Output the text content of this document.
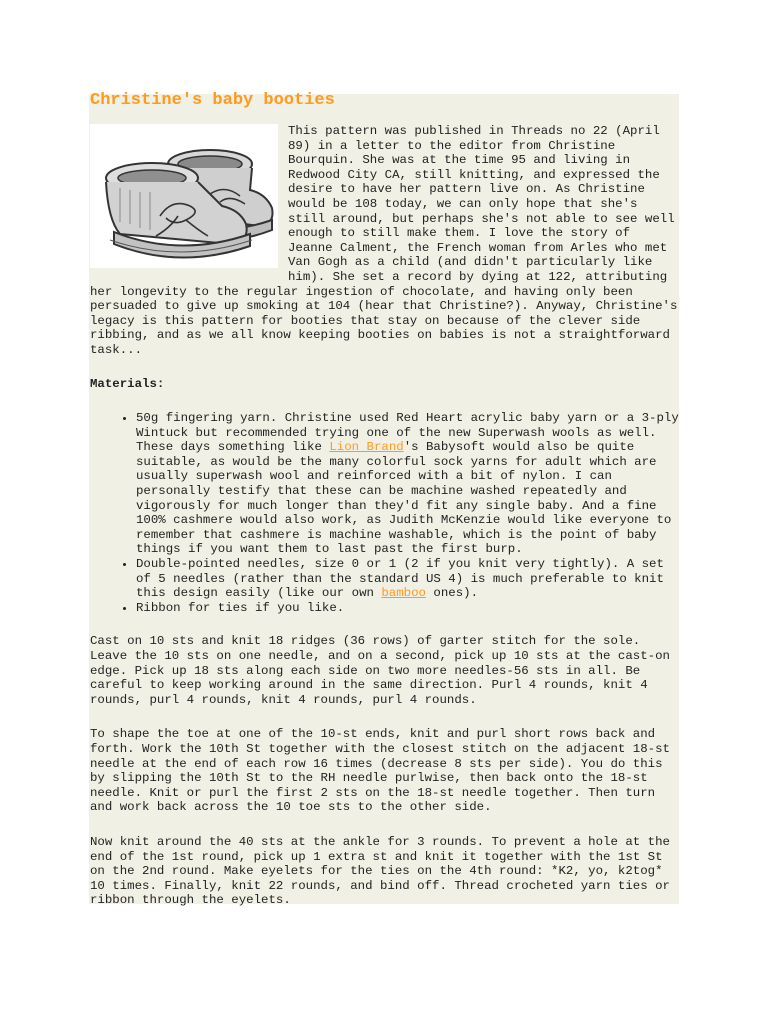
Christine's baby booties
This pattern was published in Threads no 22 (April 89) in a letter to the editor from Christine Bourquin. She was at the time 95 and living in Redwood City CA, still knitting, and expressed the desire to have her pattern live on. As Christine would be 108 today, we can only hope that she's still around, but perhaps she's not able to see well enough to still make them. I love the story of Jeanne Calment, the French woman from Arles who met Van Gogh as a child (and didn't particularly like him). She set a record by dying at 122, attributing her longevity to the regular ingestion of chocolate, and having only been persuaded to give up smoking at 104 (hear that Christine?). Anyway, Christine's legacy is this pattern for booties that stay on because of the clever side ribbing, and as we all know keeping booties on babies is not a straightforward task...
Materials:
• 50g fingering yarn. Christine used Red Heart acrylic baby yarn or a 3-ply Wintuck but recommended trying one of the new Superwash wools as well. These days something like Lion Brand's Babysoft would also be quite suitable, as would be the many colorful sock yarns for adult which are usually superwash wool and reinforced with a bit of nylon. I can personally testify that these can be machine washed repeatedly and vigorously for much longer than they'd fit any single baby. And a fine 100% cashmere would also work, as Judith McKenzie would like everyone to remember that cashmere is machine washable, which is the point of baby things if you want them to last past the first burp.
• Double-pointed needles, size 0 or 1 (2 if you knit very tightly). A set of 5 needles (rather than the standard US 4) is much preferable to knit this design easily (like our own bamboo ones).
• Ribbon for ties if you like.

Cast on 10 sts and knit 18 ridges (36 rows) of garter stitch for the sole. Leave the 10 sts on one needle, and on a second, pick up 10 sts at the cast-on edge. Pick up 18 sts along each side on two more needles-56 sts in all. Be careful to keep working around in the same direction. Purl 4 rounds, knit 4 rounds, purl 4 rounds, knit 4 rounds, purl 4 rounds.

To shape the toe at one of the 10-st ends, knit and purl short rows back and forth. Work the 10th St together with the closest stitch on the adjacent 18-st needle at the end of each row 16 times (decrease 8 sts per side). You do this by slipping the 10th St to the RH needle purlwise, then back onto the 18-st needle. Knit or purl the first 2 sts on the 18-st needle together. Then turn and work back across the 10 toe sts to the other side.

Now knit around the 40 sts at the ankle for 3 rounds. To prevent a hole at the end of the 1st round, pick up 1 extra st and knit it together with the 1st St on the 2nd round. Make eyelets for the ties on the 4th round: *K2, yo, k2tog* 10 times. Finally, knit 22 rounds, and bind off. Thread crocheted yarn ties or ribbon through the eyelets.
